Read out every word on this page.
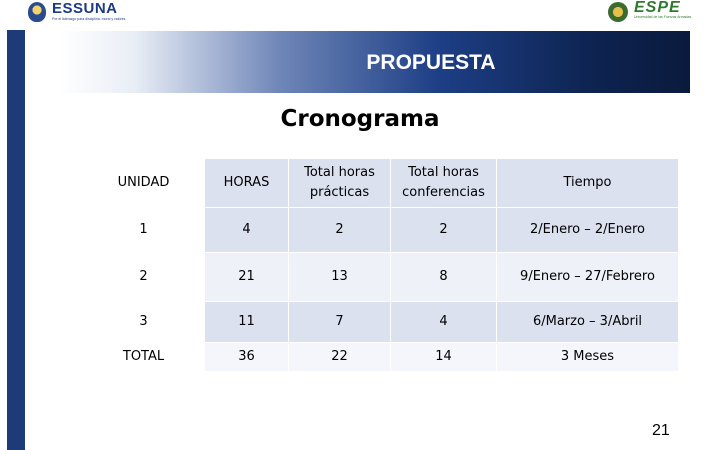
ESSUNA
Por el liderazgo para disciplina, moral y valores
ESPE
Universidad de las Fuerzas Armadas
PROPUESTA
Cronograma
UNIDAD	HORAS	Total horas prácticas	Total horas conferencias	Tiempo
1	4	2	2	2/Enero – 2/Enero
2	21	13	8	9/Enero – 27/Febrero
3	11	7	4	6/Marzo – 3/Abril
TOTAL	36	22	14	3 Meses
21
